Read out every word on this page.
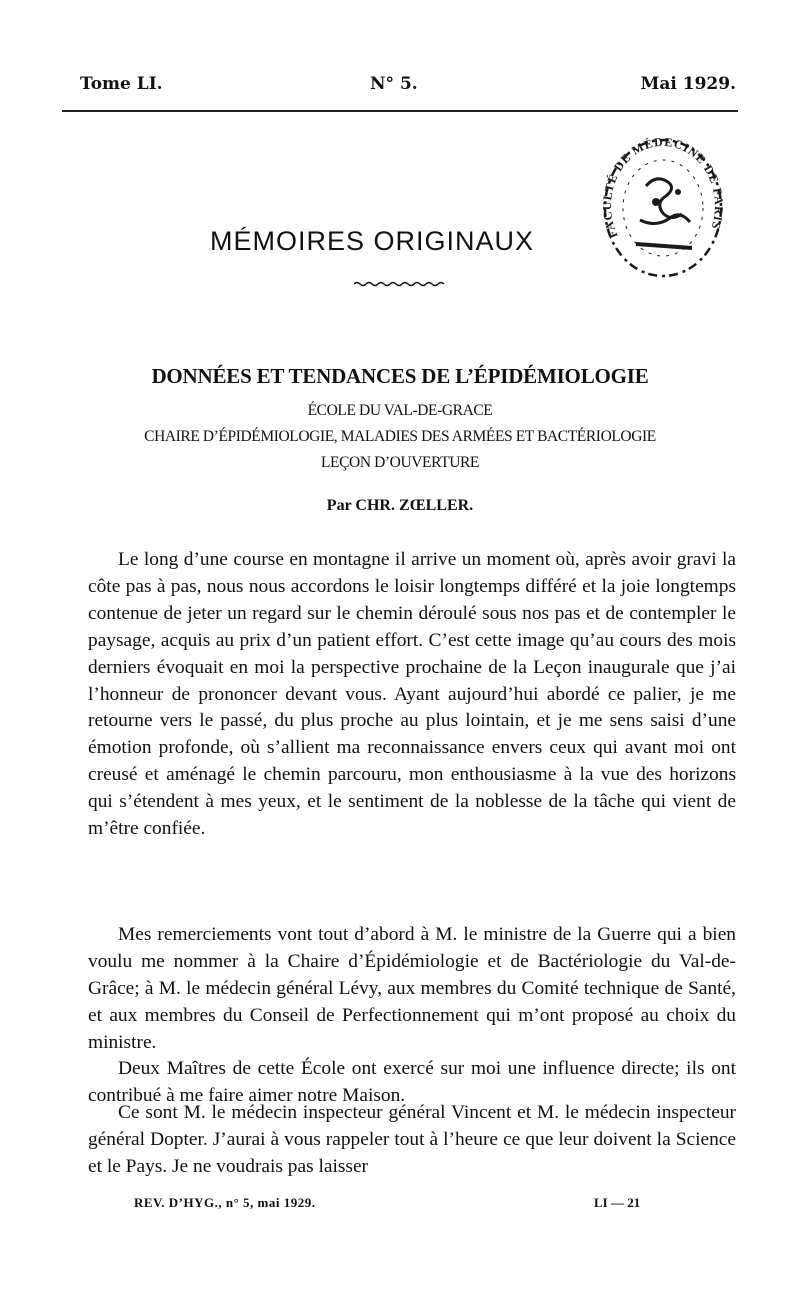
Tome LI.	N° 5.	Mai 1929.
FACULTÉ DE MÉDECINE DE PARIS
MÉMOIRES ORIGINAUX
DONNÉES ET TENDANCES DE L’ÉPIDÉMIOLOGIE
ÉCOLE DU VAL-DE-GRACE
CHAIRE D’ÉPIDÉMIOLOGIE, MALADIES DES ARMÉES ET BACTÉRIOLOGIE
LEÇON D’OUVERTURE
Par CHR. ZŒLLER.

Le long d’une course en montagne il arrive un moment où, après avoir gravi la côte pas à pas, nous nous accordons le loisir longtemps différé et la joie longtemps contenue de jeter un regard sur le chemin déroulé sous nos pas et de contempler le paysage, acquis au prix d’un patient effort. C’est cette image qu’au cours des mois derniers évoquait en moi la perspective prochaine de la Leçon inaugurale que j’ai l’honneur de prononcer devant vous. Ayant aujourd’hui abordé ce palier, je me retourne vers le passé, du plus proche au plus lointain, et je me sens saisi d’une émotion profonde, où s’allient ma reconnaissance envers ceux qui avant moi ont creusé et aménagé le chemin parcouru, mon enthousiasme à la vue des horizons qui s’étendent à mes yeux, et le sentiment de la noblesse de la tâche qui vient de m’être confiée.

Mes remerciements vont tout d’abord à M. le ministre de la Guerre qui a bien voulu me nommer à la Chaire d’Épidémiologie et de Bactériologie du Val-de-Grâce; à M. le médecin général Lévy, aux membres du Comité technique de Santé, et aux membres du Conseil de Perfectionnement qui m’ont proposé au choix du ministre.

Deux Maîtres de cette École ont exercé sur moi une influence directe; ils ont contribué à me faire aimer notre Maison.

Ce sont M. le médecin inspecteur général Vincent et M. le médecin inspecteur général Dopter. J’aurai à vous rappeler tout à l’heure ce que leur doivent la Science et le Pays. Je ne voudrais pas laisser

REV. D’HYG., n° 5, mai 1929.	LI — 21
